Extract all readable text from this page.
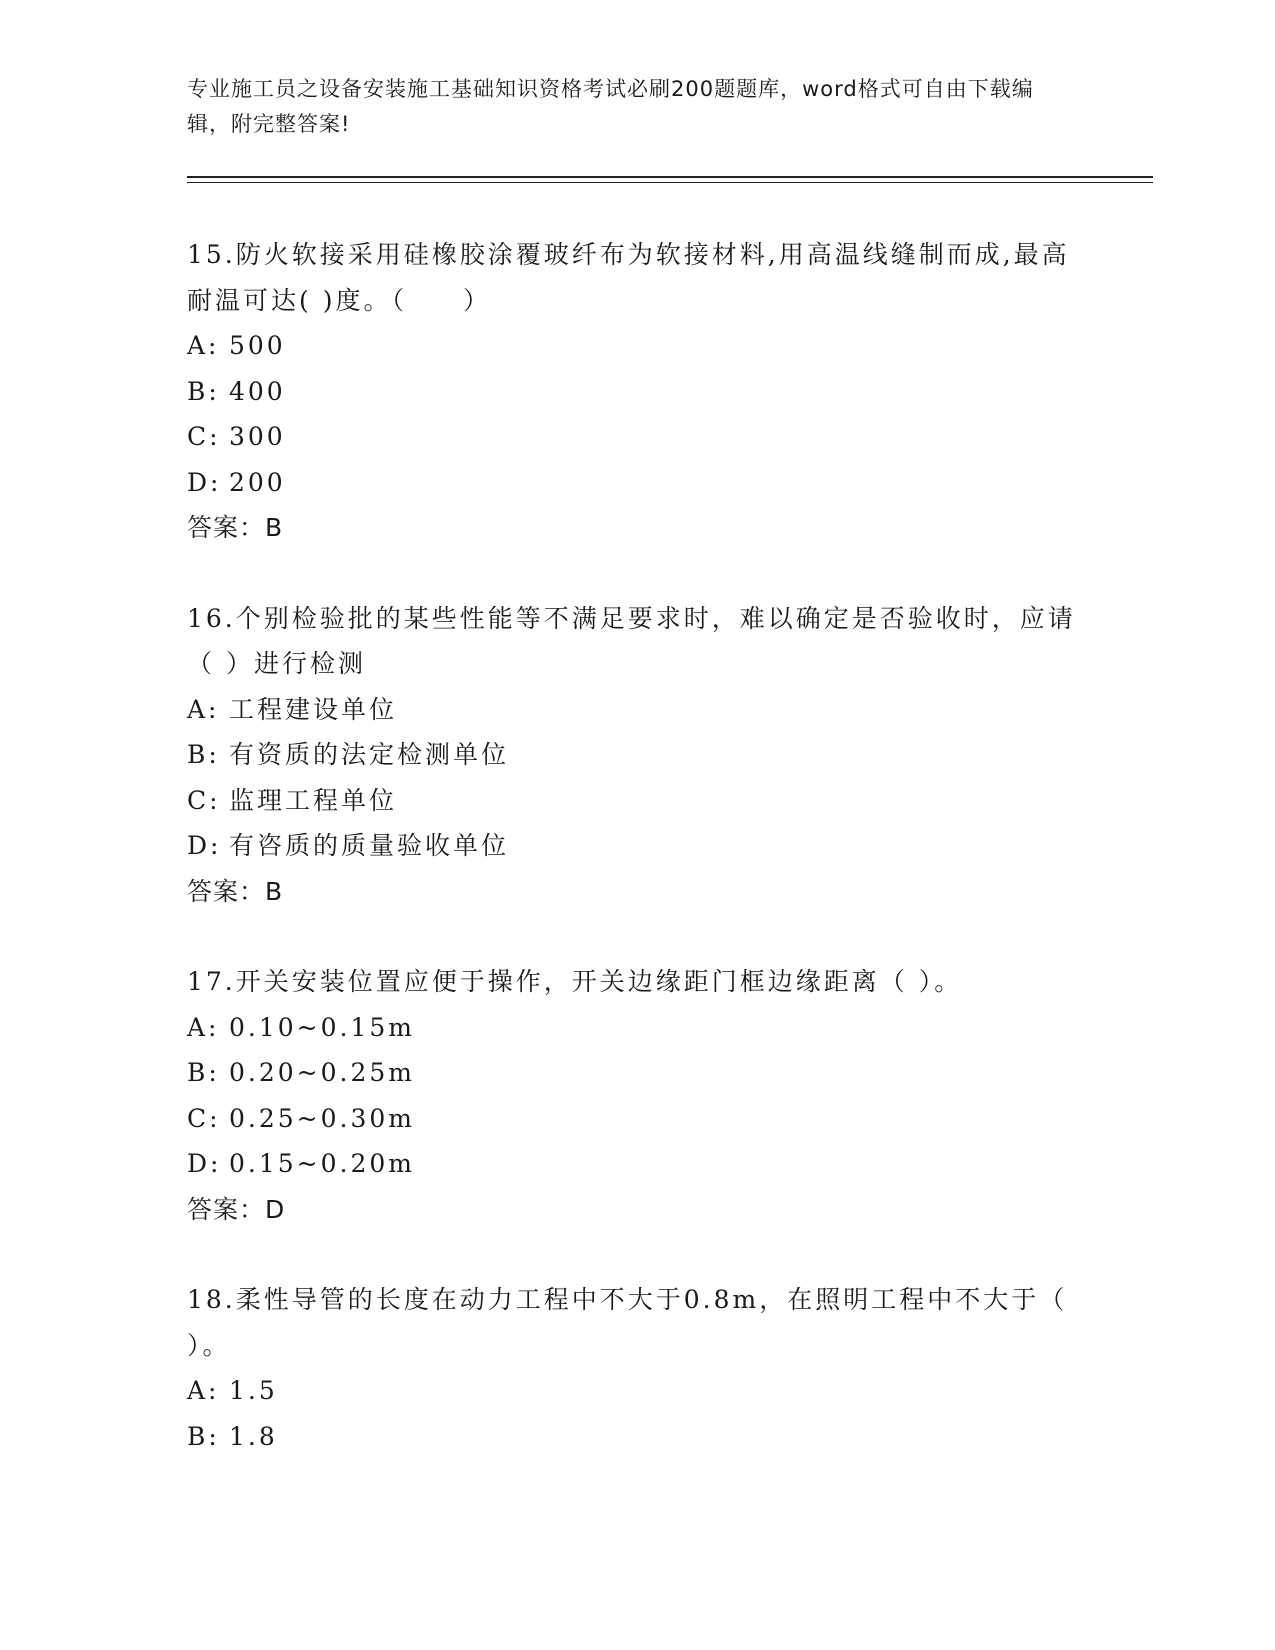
专业施工员之设备安装施工基础知识资格考试必刷200题题库，word格式可自由下载编辑，附完整答案!

15.防火软接采用硅橡胶涂覆玻纤布为软接材料,用高温线缝制而成,最高耐温可达( )度。（　　）

A: 500

B: 400

C: 300

D: 200

答案：B

16.个别检验批的某些性能等不满足要求时，难以确定是否验收时，应请（ ）进行检测

A: 工程建设单位

B: 有资质的法定检测单位

C: 监理工程单位

D: 有咨质的质量验收单位

答案：B

17.开关安装位置应便于操作，开关边缘距门框边缘距离（ ）。

A: 0.10~0.15m

B: 0.20~0.25m

C: 0.25~0.30m

D: 0.15~0.20m

答案：D

18.柔性导管的长度在动力工程中不大于0.8m，在照明工程中不大于（ ）。

A: 1.5

B: 1.8
